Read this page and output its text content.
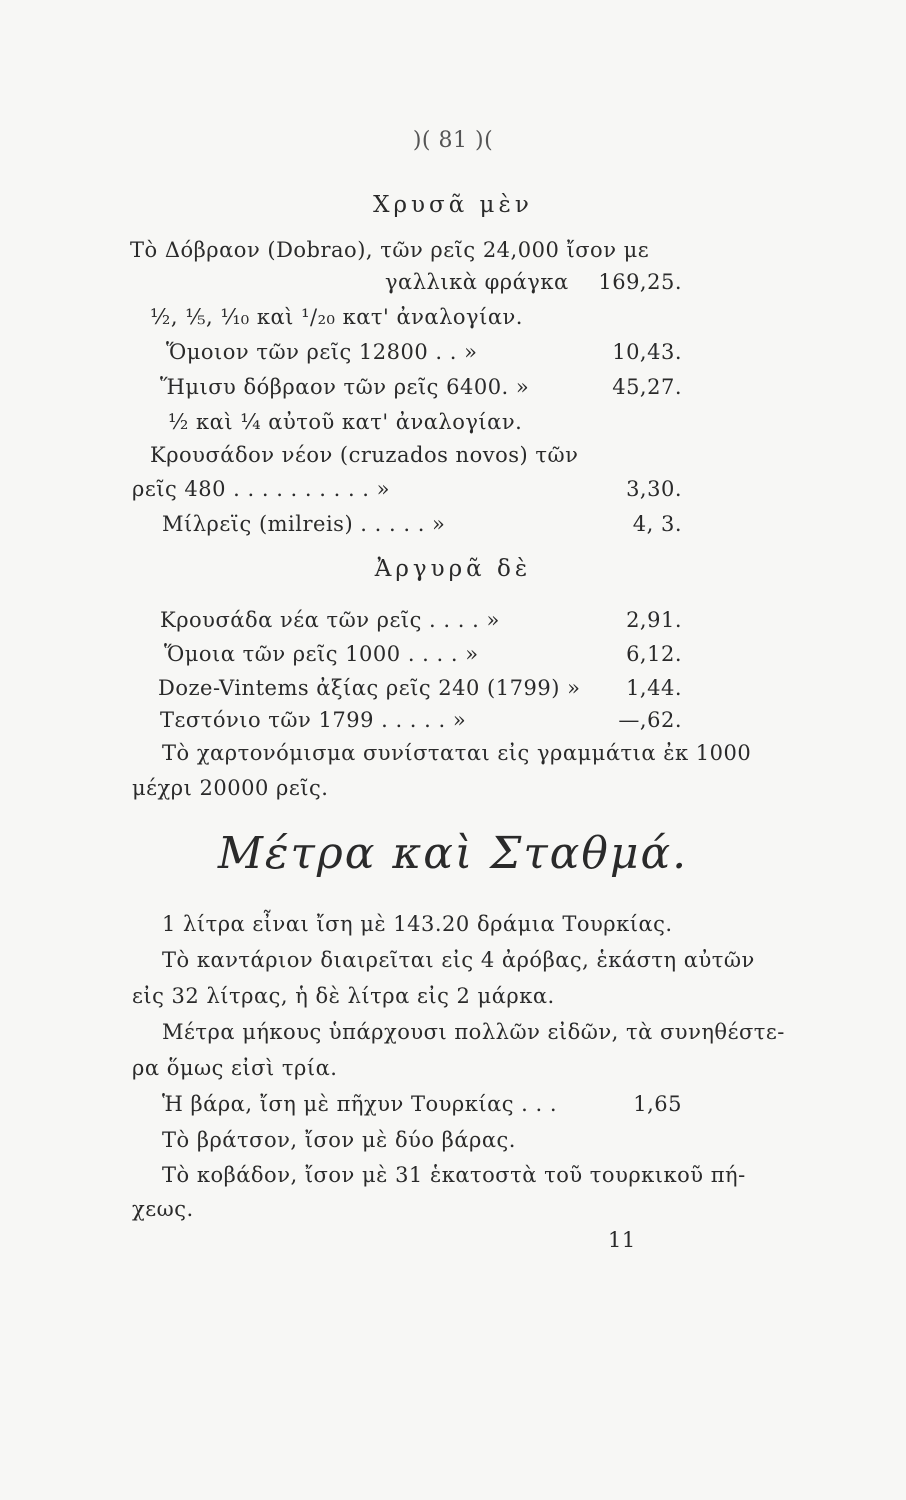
)( 81 )(
Χρυσᾶ μὲν
Τὸ Δόβραον (Dobrao), τῶν ρεῖς 24,000 ἴσον με
γαλλικὰ φράγκα 169,25.
½, ⅕, ⅒ καὶ ¹/₂₀ κατ' ἀναλογίαν.
Ὅμοιον τῶν ρεῖς 12800 . . »	10,43.
Ἥμισυ δόβραον τῶν ρεῖς 6400. »	45,27.
½ καὶ ¼ αὐτοῦ κατ' ἀναλογίαν.
Κρουσάδον νέον (cruzados novos) τῶν
ρεῖς 480 . . . . . . . . . . »	3,30.
Μίλρεϊς (milreis) . . . . . »	4, 3.
Ἀργυρᾶ δὲ
Κρουσάδα νέα τῶν ρεῖς . . . . »	2,91.
Ὅμοια τῶν ρεῖς 1000 . . . . »	6,12.
Doze-Vintems ἀξίας ρεῖς 240 (1799) » 1,44.
Τεστόνιο τῶν 1799 . . . . . »	—,62.
Τὸ χαρτονόμισμα συνίσταται εἰς γραμμάτια ἐκ 1000
μέχρι 20000 ρεῖς.
Μέτρα καὶ Σταθμά.
1 λίτρα εἶναι ἴση μὲ 143.20 δράμια Τουρκίας.
Τὸ καντάριον διαιρεῖται εἰς 4 ἀρόβας, ἑκάστη αὐτῶν
εἰς 32 λίτρας, ἡ δὲ λίτρα εἰς 2 μάρκα.
Μέτρα μήκους ὑπάρχουσι πολλῶν εἰδῶν, τὰ συνηθέστε-
ρα ὅμως εἰσὶ τρία.
Ἡ βάρα, ἴση μὲ πῆχυν Τουρκίας . . .	1,65
Τὸ βράτσον, ἴσον μὲ δύο βάρας.
Τὸ κοβάδον, ἴσον μὲ 31 ἑκατοστὰ τοῦ τουρκικοῦ πή-
χεως.
11
